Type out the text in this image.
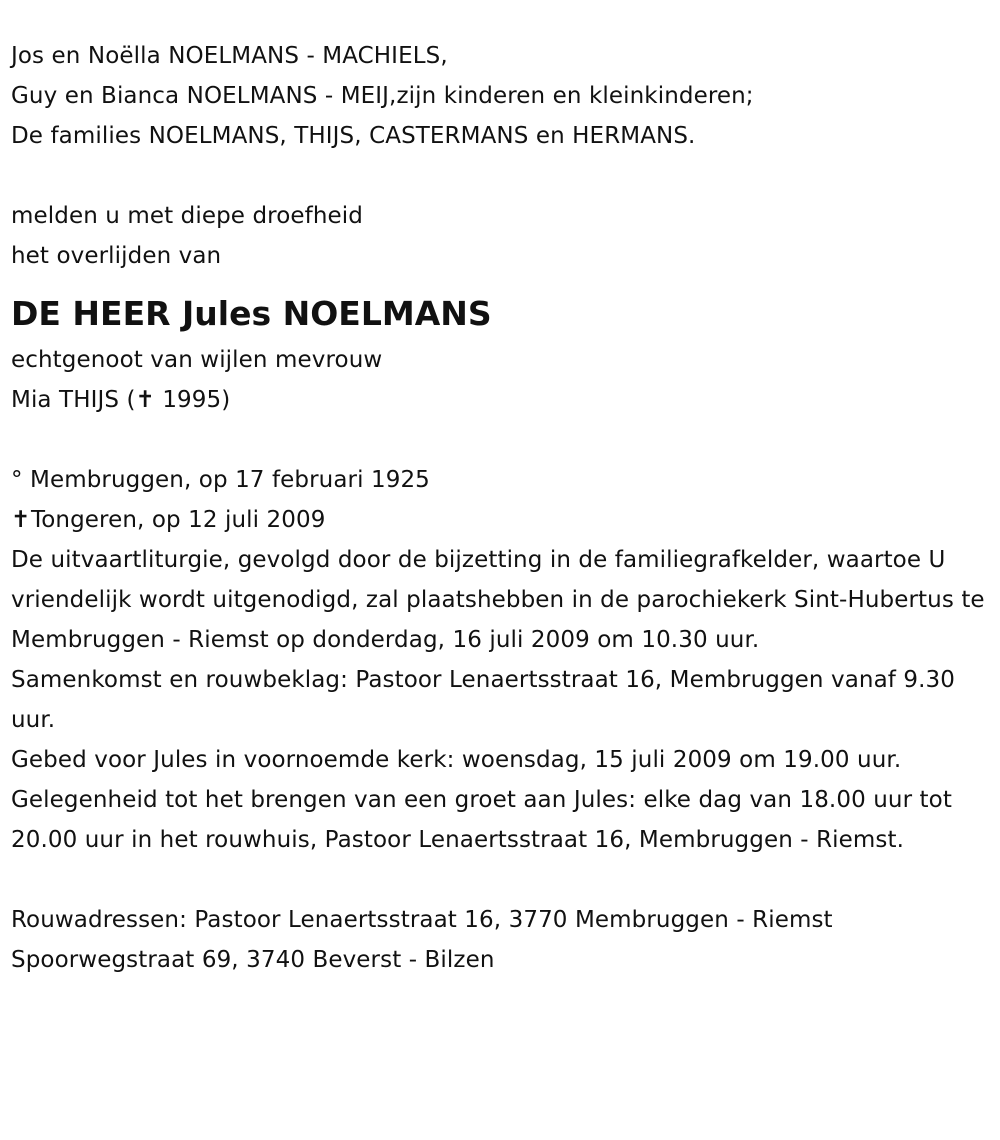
Jos en Noëlla NOELMANS - MACHIELS,
Guy en Bianca NOELMANS - MEIJ,zijn kinderen en kleinkinderen;
De families NOELMANS, THIJS, CASTERMANS en HERMANS.
melden u met diepe droefheid
het overlijden van
DE HEER Jules NOELMANS
echtgenoot van wijlen mevrouw
Mia THIJS (✝ 1995)
° Membruggen, op 17 februari 1925
✝Tongeren, op 12 juli 2009
De uitvaartliturgie, gevolgd door de bijzetting in de familiegrafkelder, waartoe U vriendelijk wordt uitgenodigd, zal plaatshebben in de parochiekerk Sint-Hubertus te Membruggen - Riemst op donderdag, 16 juli 2009 om 10.30 uur.
Samenkomst en rouwbeklag: Pastoor Lenaertsstraat 16, Membruggen vanaf 9.30 uur.
Gebed voor Jules in voornoemde kerk: woensdag, 15 juli 2009 om 19.00 uur.
Gelegenheid tot het brengen van een groet aan Jules: elke dag van 18.00 uur tot 20.00 uur in het rouwhuis, Pastoor Lenaertsstraat 16, Membruggen - Riemst.
Rouwadressen: Pastoor Lenaertsstraat 16, 3770 Membruggen - Riemst
Spoorwegstraat 69, 3740 Beverst - Bilzen
